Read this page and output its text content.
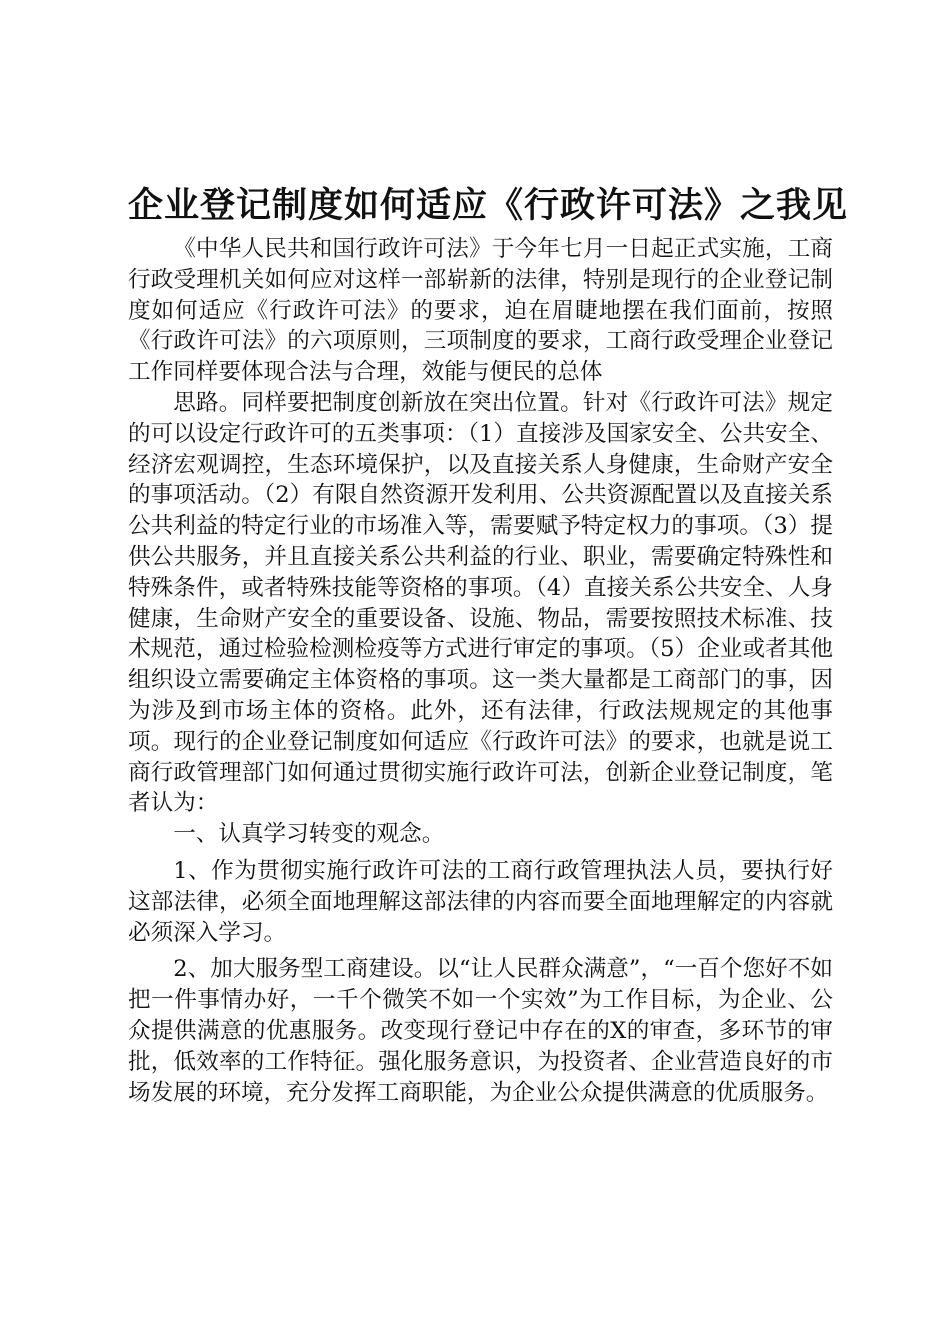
企业登记制度如何适应《行政许可法》之我见

《中华人民共和国行政许可法》于今年七月一日起正式实施，工商行政受理机关如何应对这样一部崭新的法律，特别是现行的企业登记制度如何适应《行政许可法》的要求，迫在眉睫地摆在我们面前，按照《行政许可法》的六项原则，三项制度的要求，工商行政受理企业登记工作同样要体现合法与合理，效能与便民的总体

思路。同样要把制度创新放在突出位置。针对《行政许可法》规定的可以设定行政许可的五类事项：（1）直接涉及国家安全、公共安全、经济宏观调控，生态环境保护，以及直接关系人身健康，生命财产安全的事项活动。（2）有限自然资源开发利用、公共资源配置以及直接关系公共利益的特定行业的市场准入等，需要赋予特定权力的事项。（3）提供公共服务，并且直接关系公共利益的行业、职业，需要确定特殊性和特殊条件，或者特殊技能等资格的事项。（4）直接关系公共安全、人身健康，生命财产安全的重要设备、设施、物品，需要按照技术标准、技术规范，通过检验检测检疫等方式进行审定的事项。（5）企业或者其他组织设立需要确定主体资格的事项。这一类大量都是工商部门的事，因为涉及到市场主体的资格。此外，还有法律，行政法规规定的其他事项。现行的企业登记制度如何适应《行政许可法》的要求，也就是说工商行政管理部门如何通过贯彻实施行政许可法，创新企业登记制度，笔者认为：

一、认真学习转变的观念。

1、作为贯彻实施行政许可法的工商行政管理执法人员，要执行好这部法律，必须全面地理解这部法律的内容而要全面地理解定的内容就必须深入学习。

2、加大服务型工商建设。以“让人民群众满意”，“一百个您好不如把一件事情办好，一千个微笑不如一个实效”为工作目标，为企业、公众提供满意的优惠服务。改变现行登记中存在的X的审查，多环节的审批，低效率的工作特征。强化服务意识，为投资者、企业营造良好的市场发展的环境，充分发挥工商职能，为企业公众提供满意的优质服务。
